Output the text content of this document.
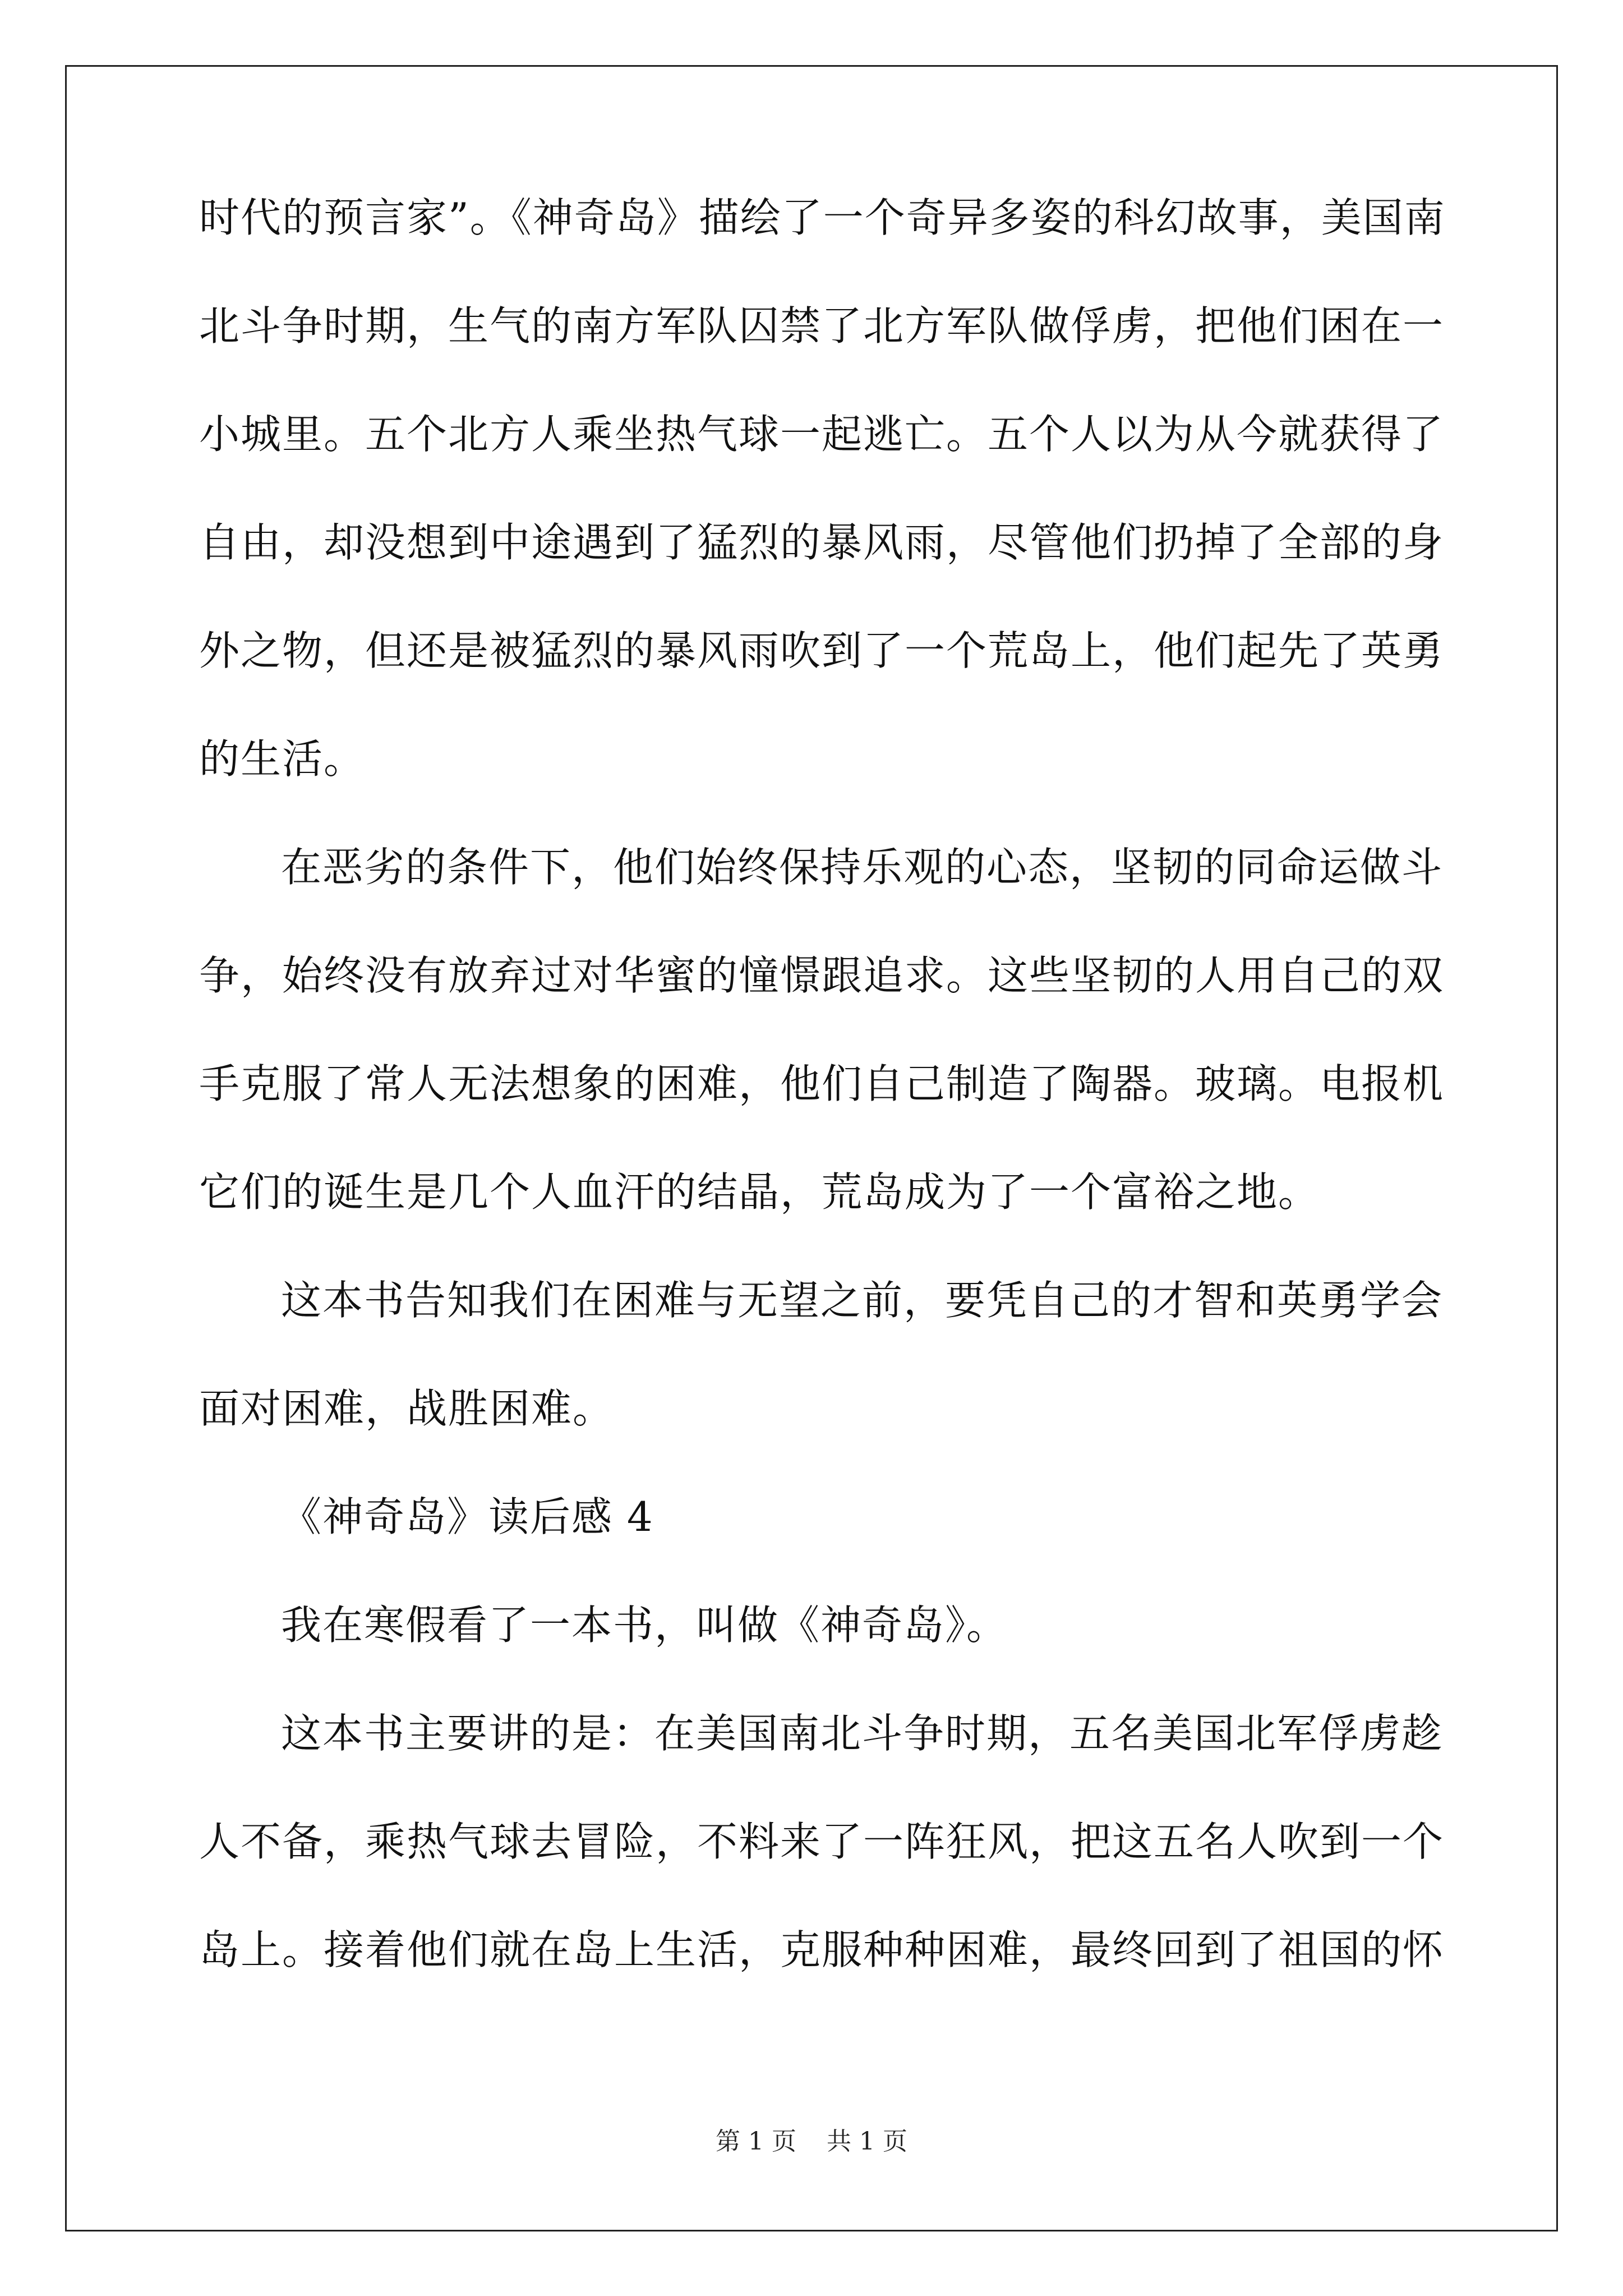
时代的预言家”。《神奇岛》描绘了一个奇异多姿的科幻故事，美国南
北斗争时期，生气的南方军队囚禁了北方军队做俘虏，把他们困在一
小城里。五个北方人乘坐热气球一起逃亡。五个人以为从今就获得了
自由，却没想到中途遇到了猛烈的暴风雨，尽管他们扔掉了全部的身
外之物，但还是被猛烈的暴风雨吹到了一个荒岛上，他们起先了英勇
的生活。
在恶劣的条件下，他们始终保持乐观的心态，坚韧的同命运做斗
争，始终没有放弃过对华蜜的憧憬跟追求。这些坚韧的人用自己的双
手克服了常人无法想象的困难，他们自己制造了陶器。玻璃。电报机
它们的诞生是几个人血汗的结晶，荒岛成为了一个富裕之地。
这本书告知我们在困难与无望之前，要凭自己的才智和英勇学会
面对困难，战胜困难。
《神奇岛》读后感 4
我在寒假看了一本书，叫做《神奇岛》。
这本书主要讲的是：在美国南北斗争时期，五名美国北军俘虏趁
人不备，乘热气球去冒险，不料来了一阵狂风，把这五名人吹到一个
岛上。接着他们就在岛上生活，克服种种困难，最终回到了祖国的怀
第 1 页 共 1 页
